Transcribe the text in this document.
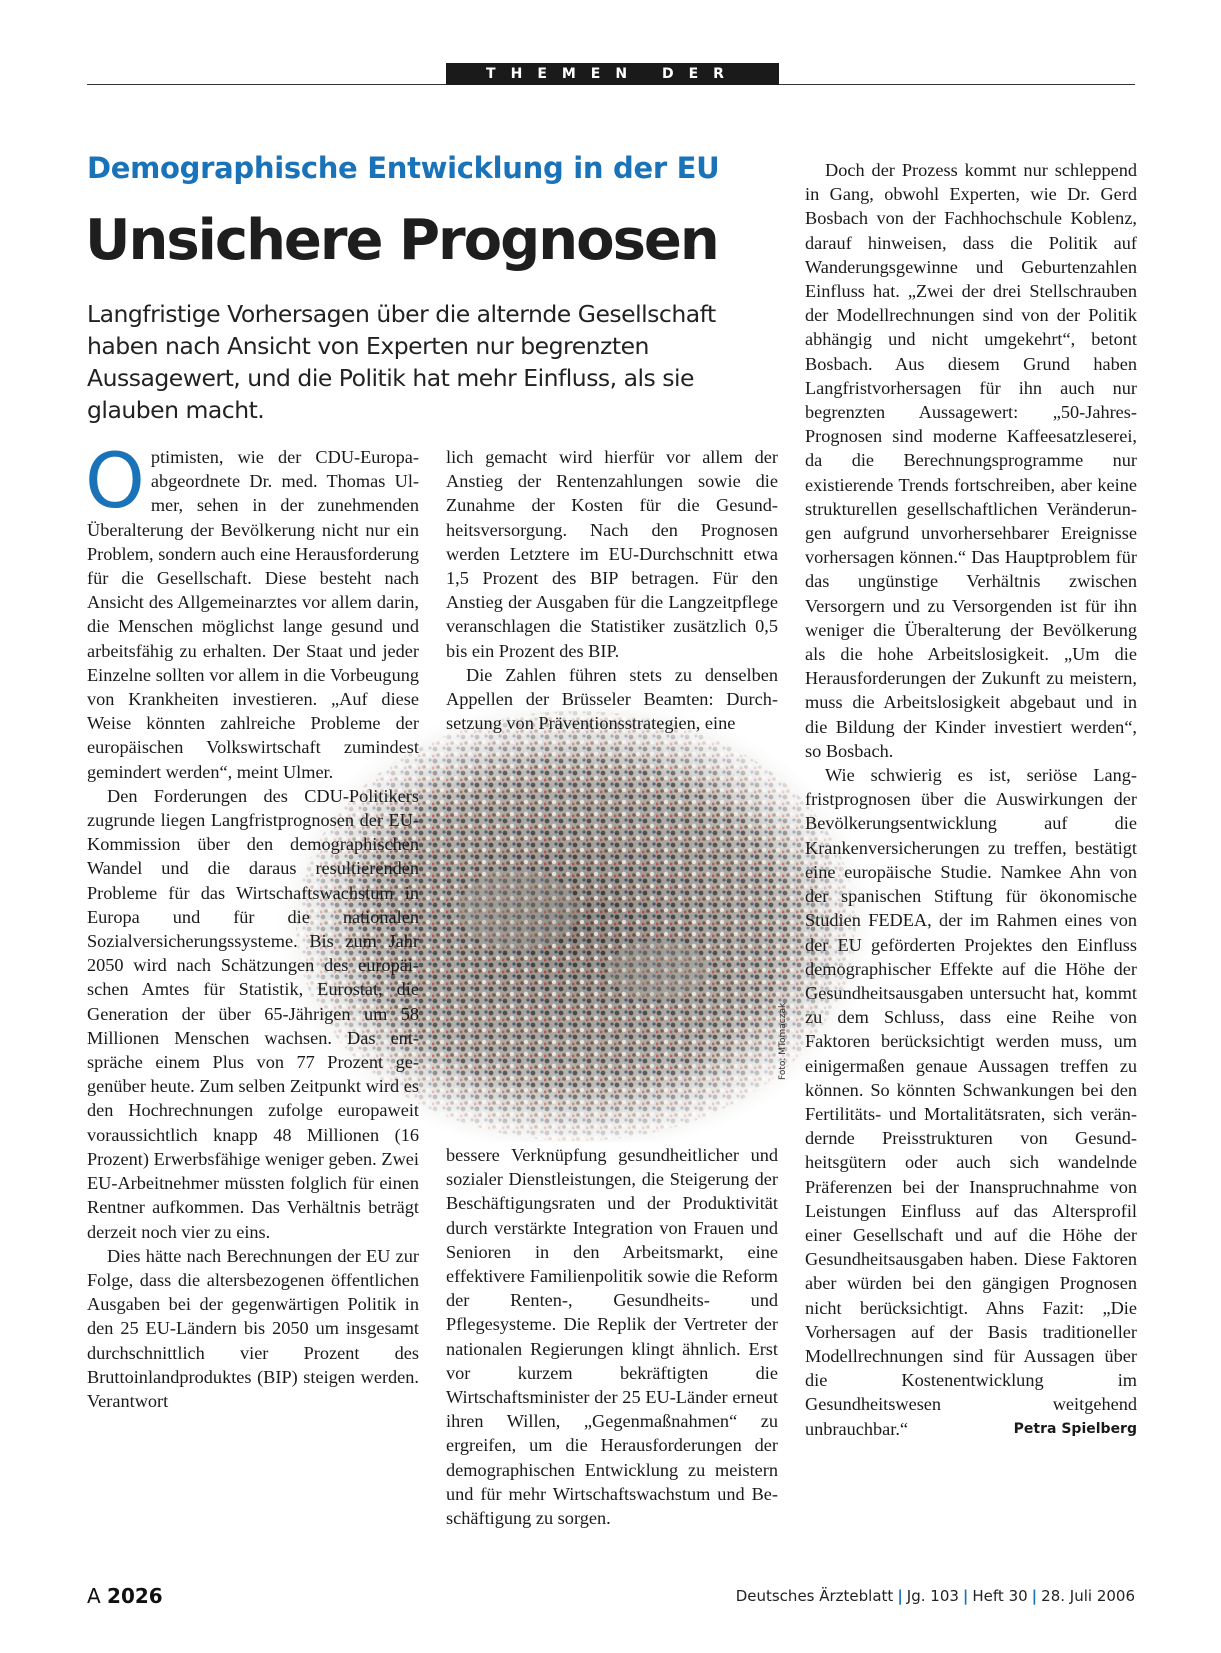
THEMEN DER ZEIT
Demographische Entwicklung in der EU
Unsichere Prognosen
Langfristige Vorhersagen über die alternde Gesellschaft haben nach Ansicht von Experten nur begrenzten Aussagewert, und die Politik hat mehr Einfluss, als sie glauben macht.
Foto: MTomaczak

Optimisten, wie der CDU-Europaabgeordnete Dr. med. Thomas Ulmer, sehen in der zunehmenden Überalterung der Bevölkerung nicht nur ein Problem, sondern auch eine Herausforderung für die Gesellschaft. Diese besteht nach Ansicht des Allgemeinarztes vor allem darin, die Menschen möglichst lange gesund und arbeitsfähig zu erhalten. Der Staat und jeder Einzelne sollten vor allem in die Vorbeugung von Krankheiten investieren. „Auf diese Weise könnten zahlreiche Probleme der europäischen Volkswirtschaft zumindest gemindert werden“, meint Ulmer.

Den Forderungen des CDU-Politikers zugrunde liegen Langfristprognosen der EU-Kommission über den demographischen Wandel und die daraus resultierenden Probleme für das Wirtschaftswachstum in Europa und für die nationalen Sozialversicherungssysteme. Bis zum Jahr 2050 wird nach Schätzungen des europäischen Amtes für Statistik, Eurostat, die Generation der über 65-Jährigen um 58 Millionen Menschen wachsen. Das entspräche einem Plus von 77 Prozent gegenüber heute. Zum selben Zeitpunkt wird es den Hochrechnungen zufolge europaweit voraussichtlich knapp 48 Millionen (16 Prozent) Erwerbsfähige weniger geben. Zwei EU-Arbeitnehmer müssten folglich für einen Rentner aufkommen. Das Verhältnis beträgt derzeit noch vier zu eins.

Dies hätte nach Berechnungen der EU zur Folge, dass die altersbezogenen öffentlichen Ausgaben bei der gegenwärtigen Politik in den 25 EU-Ländern bis 2050 um insgesamt durchschnittlich vier Prozent des Bruttoinlandproduktes (BIP) steigen werden. Verantwort

lich gemacht wird hierfür vor allem der Anstieg der Rentenzahlungen sowie die Zunahme der Kosten für die Gesundheitsversorgung. Nach den Prognosen werden Letztere im EU-Durchschnitt etwa 1,5 Prozent des BIP betragen. Für den Anstieg der Ausgaben für die Langzeitpflege veranschlagen die Statistiker zusätzlich 0,5 bis ein Prozent des BIP.

Die Zahlen führen stets zu denselben Appellen der Brüsseler Beamten: Durchsetzung von Präventionsstrategien, eine

bessere Verknüpfung gesundheitlicher und sozialer Dienstleistungen, die Steigerung der Beschäftigungsraten und der Produktivität durch verstärkte Integration von Frauen und Senioren in den Arbeitsmarkt, eine effektivere Familienpolitik sowie die Reform der Renten-, Gesundheits- und Pflegesysteme. Die Replik der Vertreter der nationalen Regierungen klingt ähnlich. Erst vor kurzem bekräftigten die Wirtschaftsminister der 25 EU-Länder erneut ihren Willen, „Gegenmaßnahmen“ zu ergreifen, um die Herausforderungen der demographischen Entwicklung zu meistern und für mehr Wirtschaftswachstum und Beschäftigung zu sorgen.

Doch der Prozess kommt nur schleppend in Gang, obwohl Experten, wie Dr. Gerd Bosbach von der Fachhochschule Koblenz, darauf hinweisen, dass die Politik auf Wanderungsgewinne und Geburtenzahlen Einfluss hat. „Zwei der drei Stellschrauben der Modellrechnungen sind von der Politik abhängig und nicht umgekehrt“, betont Bosbach. Aus diesem Grund haben Langfristvorhersagen für ihn auch nur begrenzten Aussagewert: „50-Jahres-Prognosen sind moderne Kaffeesatzleserei, da die Berechnungsprogramme nur existierende Trends fortschreiben, aber keine strukturellen gesellschaftlichen Veränderungen aufgrund unvorhersehbarer Ereignisse vorhersagen können.“ Das Hauptproblem für das ungünstige Verhältnis zwischen Versorgern und zu Versorgenden ist für ihn weniger die Überalterung der Bevölkerung als die hohe Arbeitslosigkeit. „Um die Herausforderungen der Zukunft zu meistern, muss die Arbeitslosigkeit abgebaut und in die Bildung der Kinder investiert werden“, so Bosbach.

Wie schwierig es ist, seriöse Langfristprognosen über die Auswirkungen der Bevölkerungsentwicklung auf die Krankenversicherungen zu treffen, bestätigt eine europäische Studie. Namkee Ahn von der spanischen Stiftung für ökonomische Studien FEDEA, der im Rahmen eines von der EU geförderten Projektes den Einfluss demographischer Effekte auf die Höhe der Gesundheitsausgaben untersucht hat, kommt zu dem Schluss, dass eine Reihe von Faktoren berücksichtigt werden muss, um einigermaßen genaue Aussagen treffen zu können. So könnten Schwankungen bei den Fertilitäts- und Mortalitätsraten, sich verändernde Preisstrukturen von Gesundheitsgütern oder auch sich wandelnde Präferenzen bei der Inanspruchnahme von Leistungen Einfluss auf das Altersprofil einer Gesellschaft und auf die Höhe der Gesundheitsausgaben haben. Diese Faktoren aber würden bei den gängigen Prognosen nicht berücksichtigt. Ahns Fazit: „Die Vorhersagen auf der Basis traditioneller Modellrechnungen sind für Aussagen über die Kostenentwicklung im Gesundheitswesen weitgehend unbrauchbar.“	Petra Spielberg

A 2026	Deutsches Ärzteblatt | Jg. 103 | Heft 30 | 28. Juli 2006
